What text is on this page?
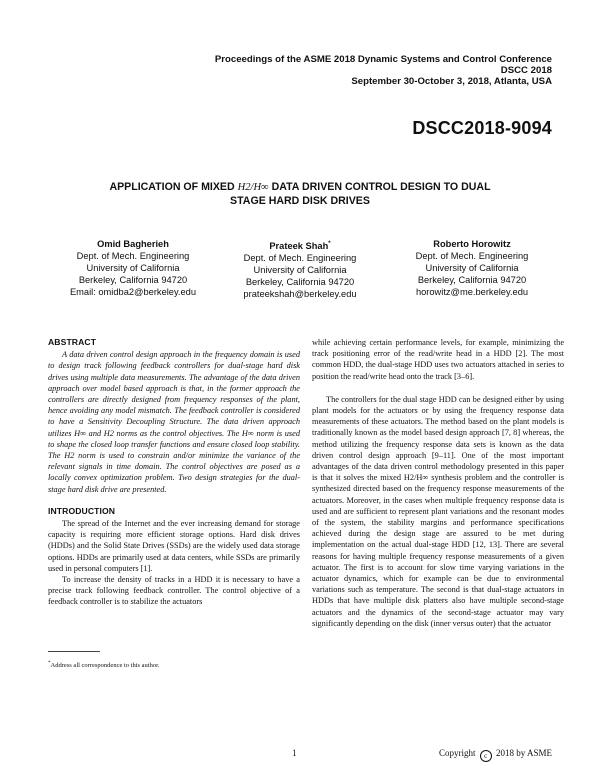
Proceedings of the ASME 2018 Dynamic Systems and Control Conference
DSCC 2018
September 30-October 3, 2018, Atlanta, USA
DSCC2018-9094
APPLICATION OF MIXED H2/H∞ DATA DRIVEN CONTROL DESIGN TO DUAL
STAGE HARD DISK DRIVES
Omid Bagherieh
Dept. of Mech. Engineering
University of California
Berkeley, California 94720
Email: omidba2@berkeley.edu
Prateek Shah*
Dept. of Mech. Engineering
University of California
Berkeley, California 94720
prateekshah@berkeley.edu
Roberto Horowitz
Dept. of Mech. Engineering
University of California
Berkeley, California 94720
horowitz@me.berkeley.edu
ABSTRACT

A data driven control design approach in the frequency domain is used to design track following feedback controllers for dual-stage hard disk drives using multiple data measurements. The advantage of the data driven approach over model based approach is that, in the former approach the controllers are directly designed from frequency responses of the plant, hence avoiding any model mismatch. The feedback controller is considered to have a Sensitivity Decoupling Structure. The data driven approach utilizes H∞ and H2 norms as the control objectives. The H∞ norm is used to shape the closed loop transfer functions and ensure closed loop stability. The H2 norm is used to constrain and/or minimize the variance of the relevant signals in time domain. The control objectives are posed as a locally convex optimization problem. Two design strategies for the dual-stage hard disk drive are presented.

INTRODUCTION

The spread of the Internet and the ever increasing demand for storage capacity is requiring more efficient storage options. Hard disk drives (HDDs) and the Solid State Drives (SSDs) are the widely used data storage options. HDDs are primarily used at data centers, while SSDs are primarily used in personal computers [1].

To increase the density of tracks in a HDD it is necessary to have a precise track following feedback controller. The control objective of a feedback controller is to stabilize the actuators

while achieving certain performance levels, for example, minimizing the track positioning error of the read/write head in a HDD [2]. The most common HDD, the dual-stage HDD uses two actuators attached in series to position the read/write head onto the track [3–6].

The controllers for the dual stage HDD can be designed either by using plant models for the actuators or by using the frequency response data measurements of these actuators. The method based on the plant models is traditionally known as the model based design approach [7, 8] whereas, the method utilizing the frequency response data sets is known as the data driven control design approach [9–11]. One of the most important advantages of the data driven control methodology presented in this paper is that it solves the mixed H2/H∞ synthesis problem and the controller is synthesized directed based on the frequency response measurements of the actuators. Moreover, in the cases when multiple frequency response data is used and are sufficient to represent plant variations and the resonant modes of the system, the stability margins and performance specifications achieved during the design stage are assured to be met during implementation on the actual dual-stage HDD [12, 13]. There are several reasons for having multiple frequency response measurements of a given actuator. The first is to account for slow time varying variations in the actuator dynamics, which for example can be due to environmental variations such as temperature. The second is that dual-stage actuators in HDDs that have multiple disk platters also have multiple second-stage actuators and the dynamics of the second-stage actuator may vary significantly depending on the disk (inner versus outer) that the actuator

*Address all correspondence to this author.
1	Copyright c 2018 by ASME
